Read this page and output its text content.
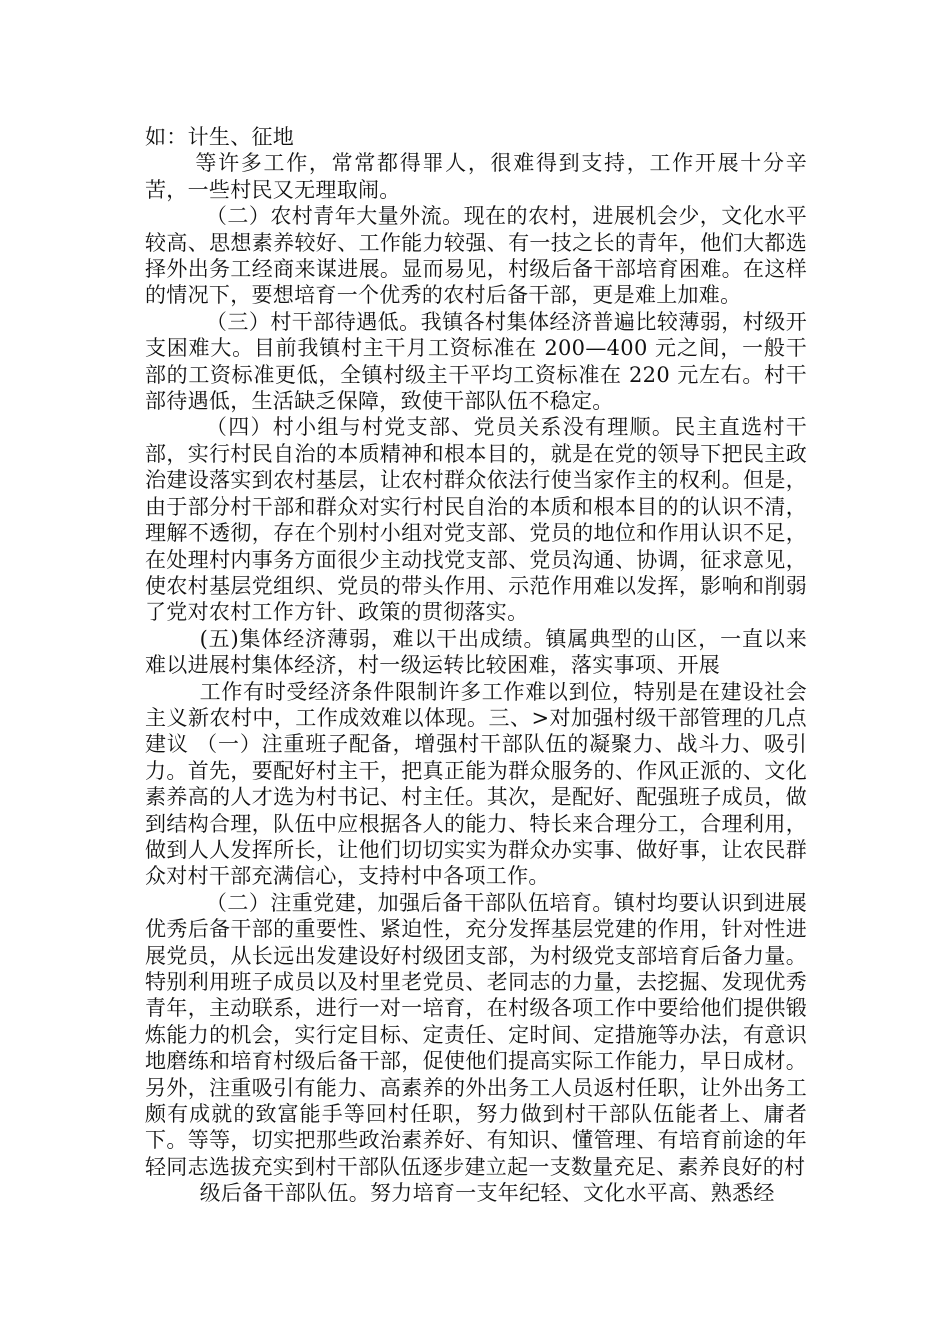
如：计生、征地

等许多工作，常常都得罪人，很难得到支持，工作开展十分辛苦，一些村民又无理取闹。

（二）农村青年大量外流。现在的农村，进展机会少，文化水平较高、思想素养较好、工作能力较强、有一技之长的青年，他们大都选择外出务工经商来谋进展。显而易见，村级后备干部培育困难。在这样的情况下，要想培育一个优秀的农村后备干部，更是难上加难。

（三）村干部待遇低。我镇各村集体经济普遍比较薄弱，村级开支困难大。目前我镇村主干月工资标准在 200—400 元之间，一般干部的工资标准更低，全镇村级主干平均工资标准在 220 元左右。村干部待遇低，生活缺乏保障，致使干部队伍不稳定。

（四）村小组与村党支部、党员关系没有理顺。民主直选村干部，实行村民自治的本质精神和根本目的，就是在党的领导下把民主政治建设落实到农村基层，让农村群众依法行使当家作主的权利。但是，由于部分村干部和群众对实行村民自治的本质和根本目的的认识不清，理解不透彻，存在个别村小组对党支部、党员的地位和作用认识不足，在处理村内事务方面很少主动找党支部、党员沟通、协调，征求意见，使农村基层党组织、党员的带头作用、示范作用难以发挥，影响和削弱了党对农村工作方针、政策的贯彻落实。

(五)集体经济薄弱，难以干出成绩。镇属典型的山区，一直以来难以进展村集体经济，村一级运转比较困难，落实事项、开展

工作有时受经济条件限制许多工作难以到位，特别是在建设社会主义新农村中，工作成效难以体现。三、>对加强村级干部管理的几点建议 （一）注重班子配备，增强村干部队伍的凝聚力、战斗力、吸引力。首先，要配好村主干，把真正能为群众服务的、作风正派的、文化素养高的人才选为村书记、村主任。其次，是配好、配强班子成员，做到结构合理，队伍中应根据各人的能力、特长来合理分工，合理利用，做到人人发挥所长，让他们切切实实为群众办实事、做好事，让农民群众对村干部充满信心，支持村中各项工作。

（二）注重党建，加强后备干部队伍培育。镇村均要认识到进展优秀后备干部的重要性、紧迫性，充分发挥基层党建的作用，针对性进展党员，从长远出发建设好村级团支部，为村级党支部培育后备力量。特别利用班子成员以及村里老党员、老同志的力量，去挖掘、发现优秀青年，主动联系，进行一对一培育，在村级各项工作中要给他们提供锻炼能力的机会，实行定目标、定责任、定时间、定措施等办法，有意识地磨练和培育村级后备干部，促使他们提高实际工作能力，早日成材。另外，注重吸引有能力、高素养的外出务工人员返村任职，让外出务工颇有成就的致富能手等回村任职，努力做到村干部队伍能者上、庸者下。等等，切实把那些政治素养好、有知识、懂管理、有培育前途的年轻同志选拔充实到村干部队伍逐步建立起一支数量充足、素养良好的村

级后备干部队伍。努力培育一支年纪轻、文化水平高、熟悉经
